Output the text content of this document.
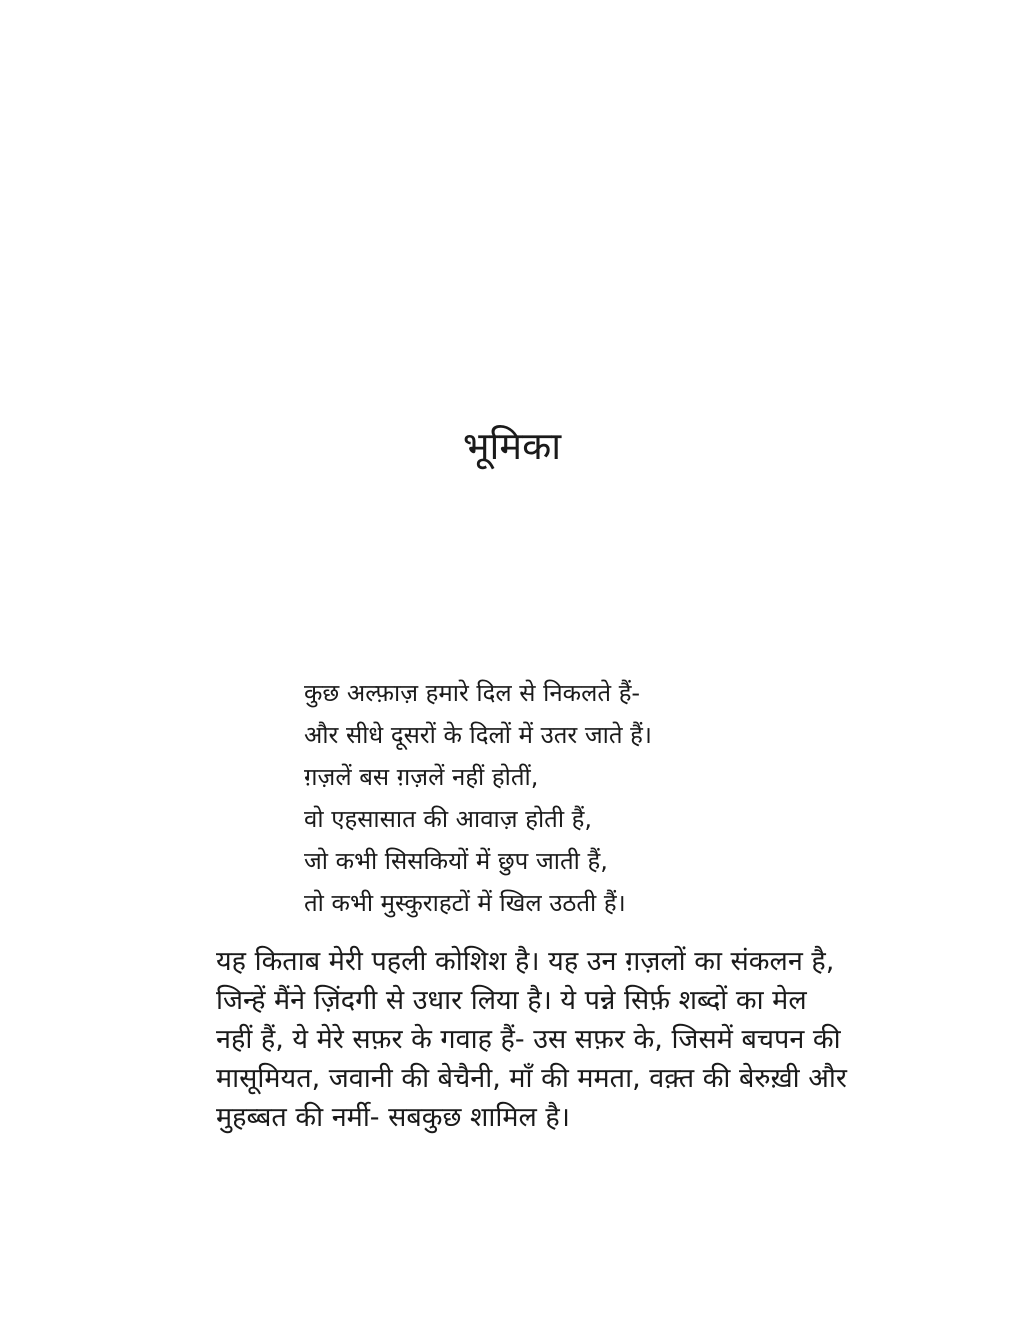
भूमिका
कुछ अल्फ़ाज़ हमारे दिल से निकलते हैं-
और सीधे दूसरों के दिलों में उतर जाते हैं।
ग़ज़लें बस ग़ज़लें नहीं होतीं,
वो एहसासात की आवाज़ होती हैं,
जो कभी सिसकियों में छुप जाती हैं,
तो कभी मुस्कुराहटों में खिल उठती हैं।
यह किताब मेरी पहली कोशिश है। यह उन ग़ज़लों का संकलन है,
जिन्हें मैंने ज़िंदगी से उधार लिया है। ये पन्ने सिर्फ़ शब्दों का मेल
नहीं हैं, ये मेरे सफ़र के गवाह हैं- उस सफ़र के, जिसमें बचपन की
मासूमियत, जवानी की बेचैनी, माँ की ममता, वक़्त की बेरुख़ी और
मुहब्बत की नर्मी- सबकुछ शामिल है।
